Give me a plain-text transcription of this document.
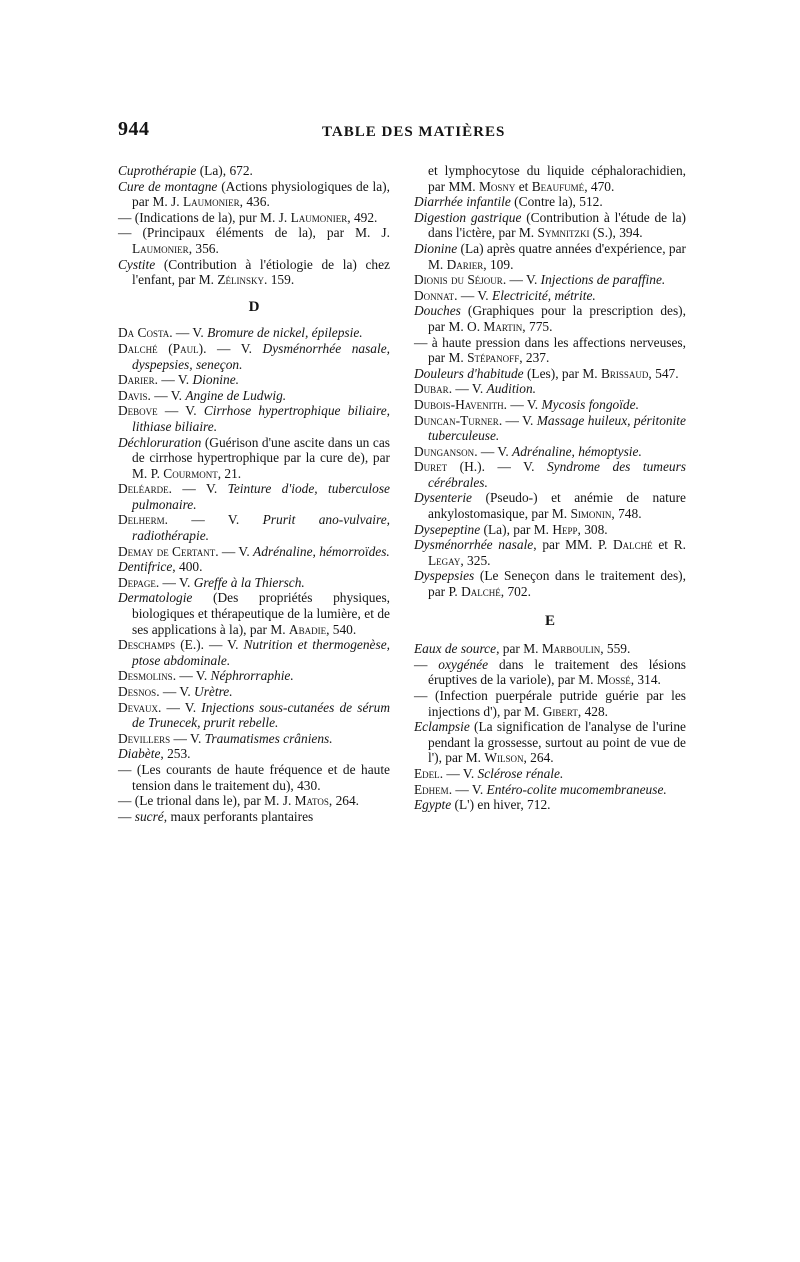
944	TABLE DES MATIÈRES

Cuprothérapie (La), 672.

Cure de montagne (Actions physiologiques de la), par M. J. Laumonier, 436.

— (Indications de la), pur M. J. Laumonier, 492.

— (Principaux éléments de la), par M. J. Laumonier, 356.

Cystite (Contribution à l'étiologie de la) chez l'enfant, par M. Zélinsky. 159.

D

Da Costa. — V. Bromure de nickel, épilepsie.

Dalché (Paul). — V. Dysménorrhée nasale, dyspepsies, seneçon.

Darier. — V. Dionine.

Davis. — V. Angine de Ludwig.

Debove — V. Cirrhose hypertrophique biliaire, lithiase biliaire.

Déchloruration (Guérison d'une ascite dans un cas de cirrhose hypertrophique par la cure de), par M. P. Courmont, 21.

Deléarde. — V. Teinture d'iode, tuberculose pulmonaire.

Delherm. — V. Prurit ano-vulvaire, radiothérapie.

Demay de Certant. — V. Adrénaline, hémorroïdes.

Dentifrice, 400.

Depage. — V. Greffe à la Thiersch.

Dermatologie (Des propriétés physiques, biologiques et thérapeutique de la lumière, et de ses applications à la), par M. Abadie, 540.

Deschamps (E.). — V. Nutrition et thermogenèse, ptose abdominale.

Desmolins. — V. Néphrorraphie.

Desnos. — V. Urètre.

Devaux. — V. Injections sous-cutanées de sérum de Trunecek, prurit rebelle.

Devillers — V. Traumatismes crâniens.

Diabète, 253.

— (Les courants de haute fréquence et de haute tension dans le traitement du), 430.

— (Le trional dans le), par M. J. Matos, 264.

— sucré, maux perforants plantaires

et lymphocytose du liquide céphalorachidien, par MM. Mosny et Beaufumé, 470.

Diarrhée infantile (Contre la), 512.

Digestion gastrique (Contribution à l'étude de la) dans l'ictère, par M. Symnitzki (S.), 394.

Dionine (La) après quatre années d'expérience, par M. Darier, 109.

Dionis du Séjour. — V. Injections de paraffine.

Donnat. — V. Electricité, métrite.

Douches (Graphiques pour la prescription des), par M. O. Martin, 775.

— à haute pression dans les affections nerveuses, par M. Stépanoff, 237.

Douleurs d'habitude (Les), par M. Brissaud, 547.

Dubar. — V. Audition.

Dubois-Havenith. — V. Mycosis fongoïde.

Duncan-Turner. — V. Massage huileux, péritonite tuberculeuse.

Dunganson. — V. Adrénaline, hémoptysie.

Duret (H.). — V. Syndrome des tumeurs cérébrales.

Dysenterie (Pseudo-) et anémie de nature ankylostomasique, par M. Simonin, 748.

Dysepeptine (La), par M. Hepp, 308.

Dysménorrhée nasale, par MM. P. Dalché et R. Legay, 325.

Dyspepsies (Le Seneçon dans le traitement des), par P. Dalché, 702.

E

Eaux de source, par M. Marboulin, 559.

— oxygénée dans le traitement des lésions éruptives de la variole), par M. Mossé, 314.

— (Infection puerpérale putride guérie par les injections d'), par M. Gibert, 428.

Eclampsie (La signification de l'analyse de l'urine pendant la grossesse, surtout au point de vue de l'), par M. Wilson, 264.

Edel. — V. Sclérose rénale.

Edhem. — V. Entéro-colite mucomembraneuse.

Egypte (L') en hiver, 712.
